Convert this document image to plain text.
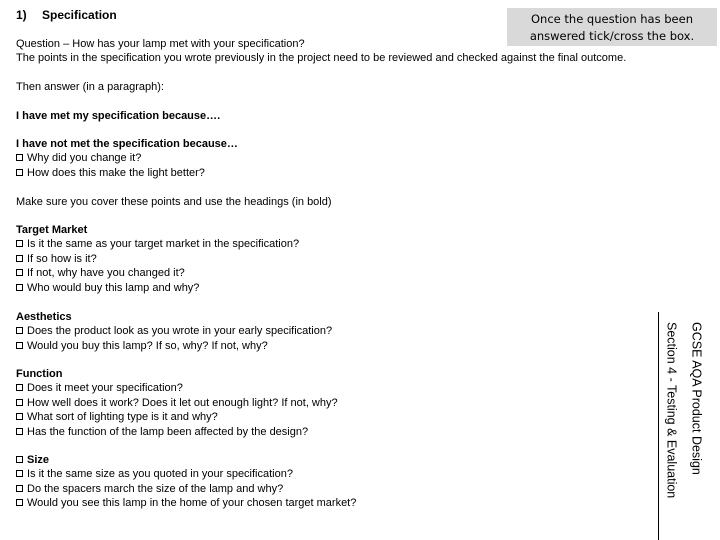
1) Specification	Once the question has been
answered tick/cross the box.
Question – How has your lamp met with your specification?
The points in the specification you wrote previously in the project need to be reviewed and checked against the final outcome.
Then answer (in a paragraph):
I have met my specification because….
I have not met the specification because…
Why did you change it?
How does this make the light better?
Make sure you cover these points and use the headings (in bold)
Target Market
Is it the same as your target market in the specification?
If so how is it?
If not, why have you changed it?
Who would buy this lamp and why?
Aesthetics
Does the product look as you wrote in your early specification?
Would you buy this lamp? If so, why? If not, why?
Function
Does it meet your specification?
How well does it work? Does it let out enough light? If not, why?
What sort of lighting type is it and why?
Has the function of the lamp been affected by the design?
Size
Is it the same size as you quoted in your specification?
Do the spacers march the size of the lamp and why?
Would you see this lamp in the home of your chosen target market?
GCSE AQA Product Design
Section 4 - Testing & Evaluation
